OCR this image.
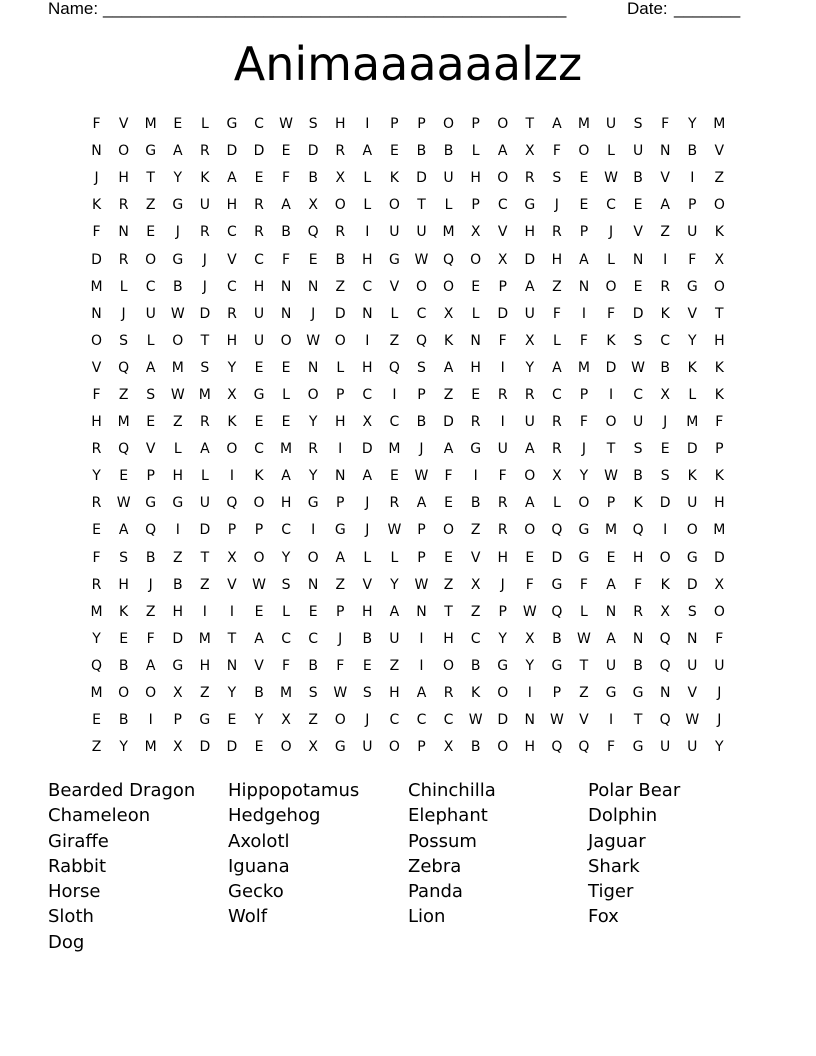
Name: _________________________________________________	Date: _______
Animaaaaaalzz
F	V	M	E	L	G	C	W	S	H	I	P	P	O	P	O	T	A	M	U	S	F	Y	M
N	O	G	A	R	D	D	E	D	R	A	E	B	B	L	A	X	F	O	L	U	N	B	V
J	H	T	Y	K	A	E	F	B	X	L	K	D	U	H	O	R	S	E	W	B	V	I	Z
K	R	Z	G	U	H	R	A	X	O	L	O	T	L	P	C	G	J	E	C	E	A	P	O
F	N	E	J	R	C	R	B	Q	R	I	U	U	M	X	V	H	R	P	J	V	Z	U	K
D	R	O	G	J	V	C	F	E	B	H	G	W	Q	O	X	D	H	A	L	N	I	F	X
M	L	C	B	J	C	H	N	N	Z	C	V	O	O	E	P	A	Z	N	O	E	R	G	O
N	J	U	W	D	R	U	N	J	D	N	L	C	X	L	D	U	F	I	F	D	K	V	T
O	S	L	O	T	H	U	O	W	O	I	Z	Q	K	N	F	X	L	F	K	S	C	Y	H
V	Q	A	M	S	Y	E	E	N	L	H	Q	S	A	H	I	Y	A	M	D	W	B	K	K
F	Z	S	W	M	X	G	L	O	P	C	I	P	Z	E	R	R	C	P	I	C	X	L	K
H	M	E	Z	R	K	E	E	Y	H	X	C	B	D	R	I	U	R	F	O	U	J	M	F
R	Q	V	L	A	O	C	M	R	I	D	M	J	A	G	U	A	R	J	T	S	E	D	P
Y	E	P	H	L	I	K	A	Y	N	A	E	W	F	I	F	O	X	Y	W	B	S	K	K
R	W	G	G	U	Q	O	H	G	P	J	R	A	E	B	R	A	L	O	P	K	D	U	H
E	A	Q	I	D	P	P	C	I	G	J	W	P	O	Z	R	O	Q	G	M	Q	I	O	M
F	S	B	Z	T	X	O	Y	O	A	L	L	P	E	V	H	E	D	G	E	H	O	G	D
R	H	J	B	Z	V	W	S	N	Z	V	Y	W	Z	X	J	F	G	F	A	F	K	D	X
M	K	Z	H	I	I	E	L	E	P	H	A	N	T	Z	P	W	Q	L	N	R	X	S	O
Y	E	F	D	M	T	A	C	C	J	B	U	I	H	C	Y	X	B	W	A	N	Q	N	F
Q	B	A	G	H	N	V	F	B	F	E	Z	I	O	B	G	Y	G	T	U	B	Q	U	U
M	O	O	X	Z	Y	B	M	S	W	S	H	A	R	K	O	I	P	Z	G	G	N	V	J
E	B	I	P	G	E	Y	X	Z	O	J	C	C	C	W	D	N	W	V	I	T	Q	W	J
Z	Y	M	X	D	D	E	O	X	G	U	O	P	X	B	O	H	Q	Q	F	G	U	U	Y
Bearded Dragon
Chameleon
Giraffe
Rabbit
Horse
Sloth
Dog
Hippopotamus
Hedgehog
Axolotl
Iguana
Gecko
Wolf
Chinchilla
Elephant
Possum
Zebra
Panda
Lion
Polar Bear
Dolphin
Jaguar
Shark
Tiger
Fox
